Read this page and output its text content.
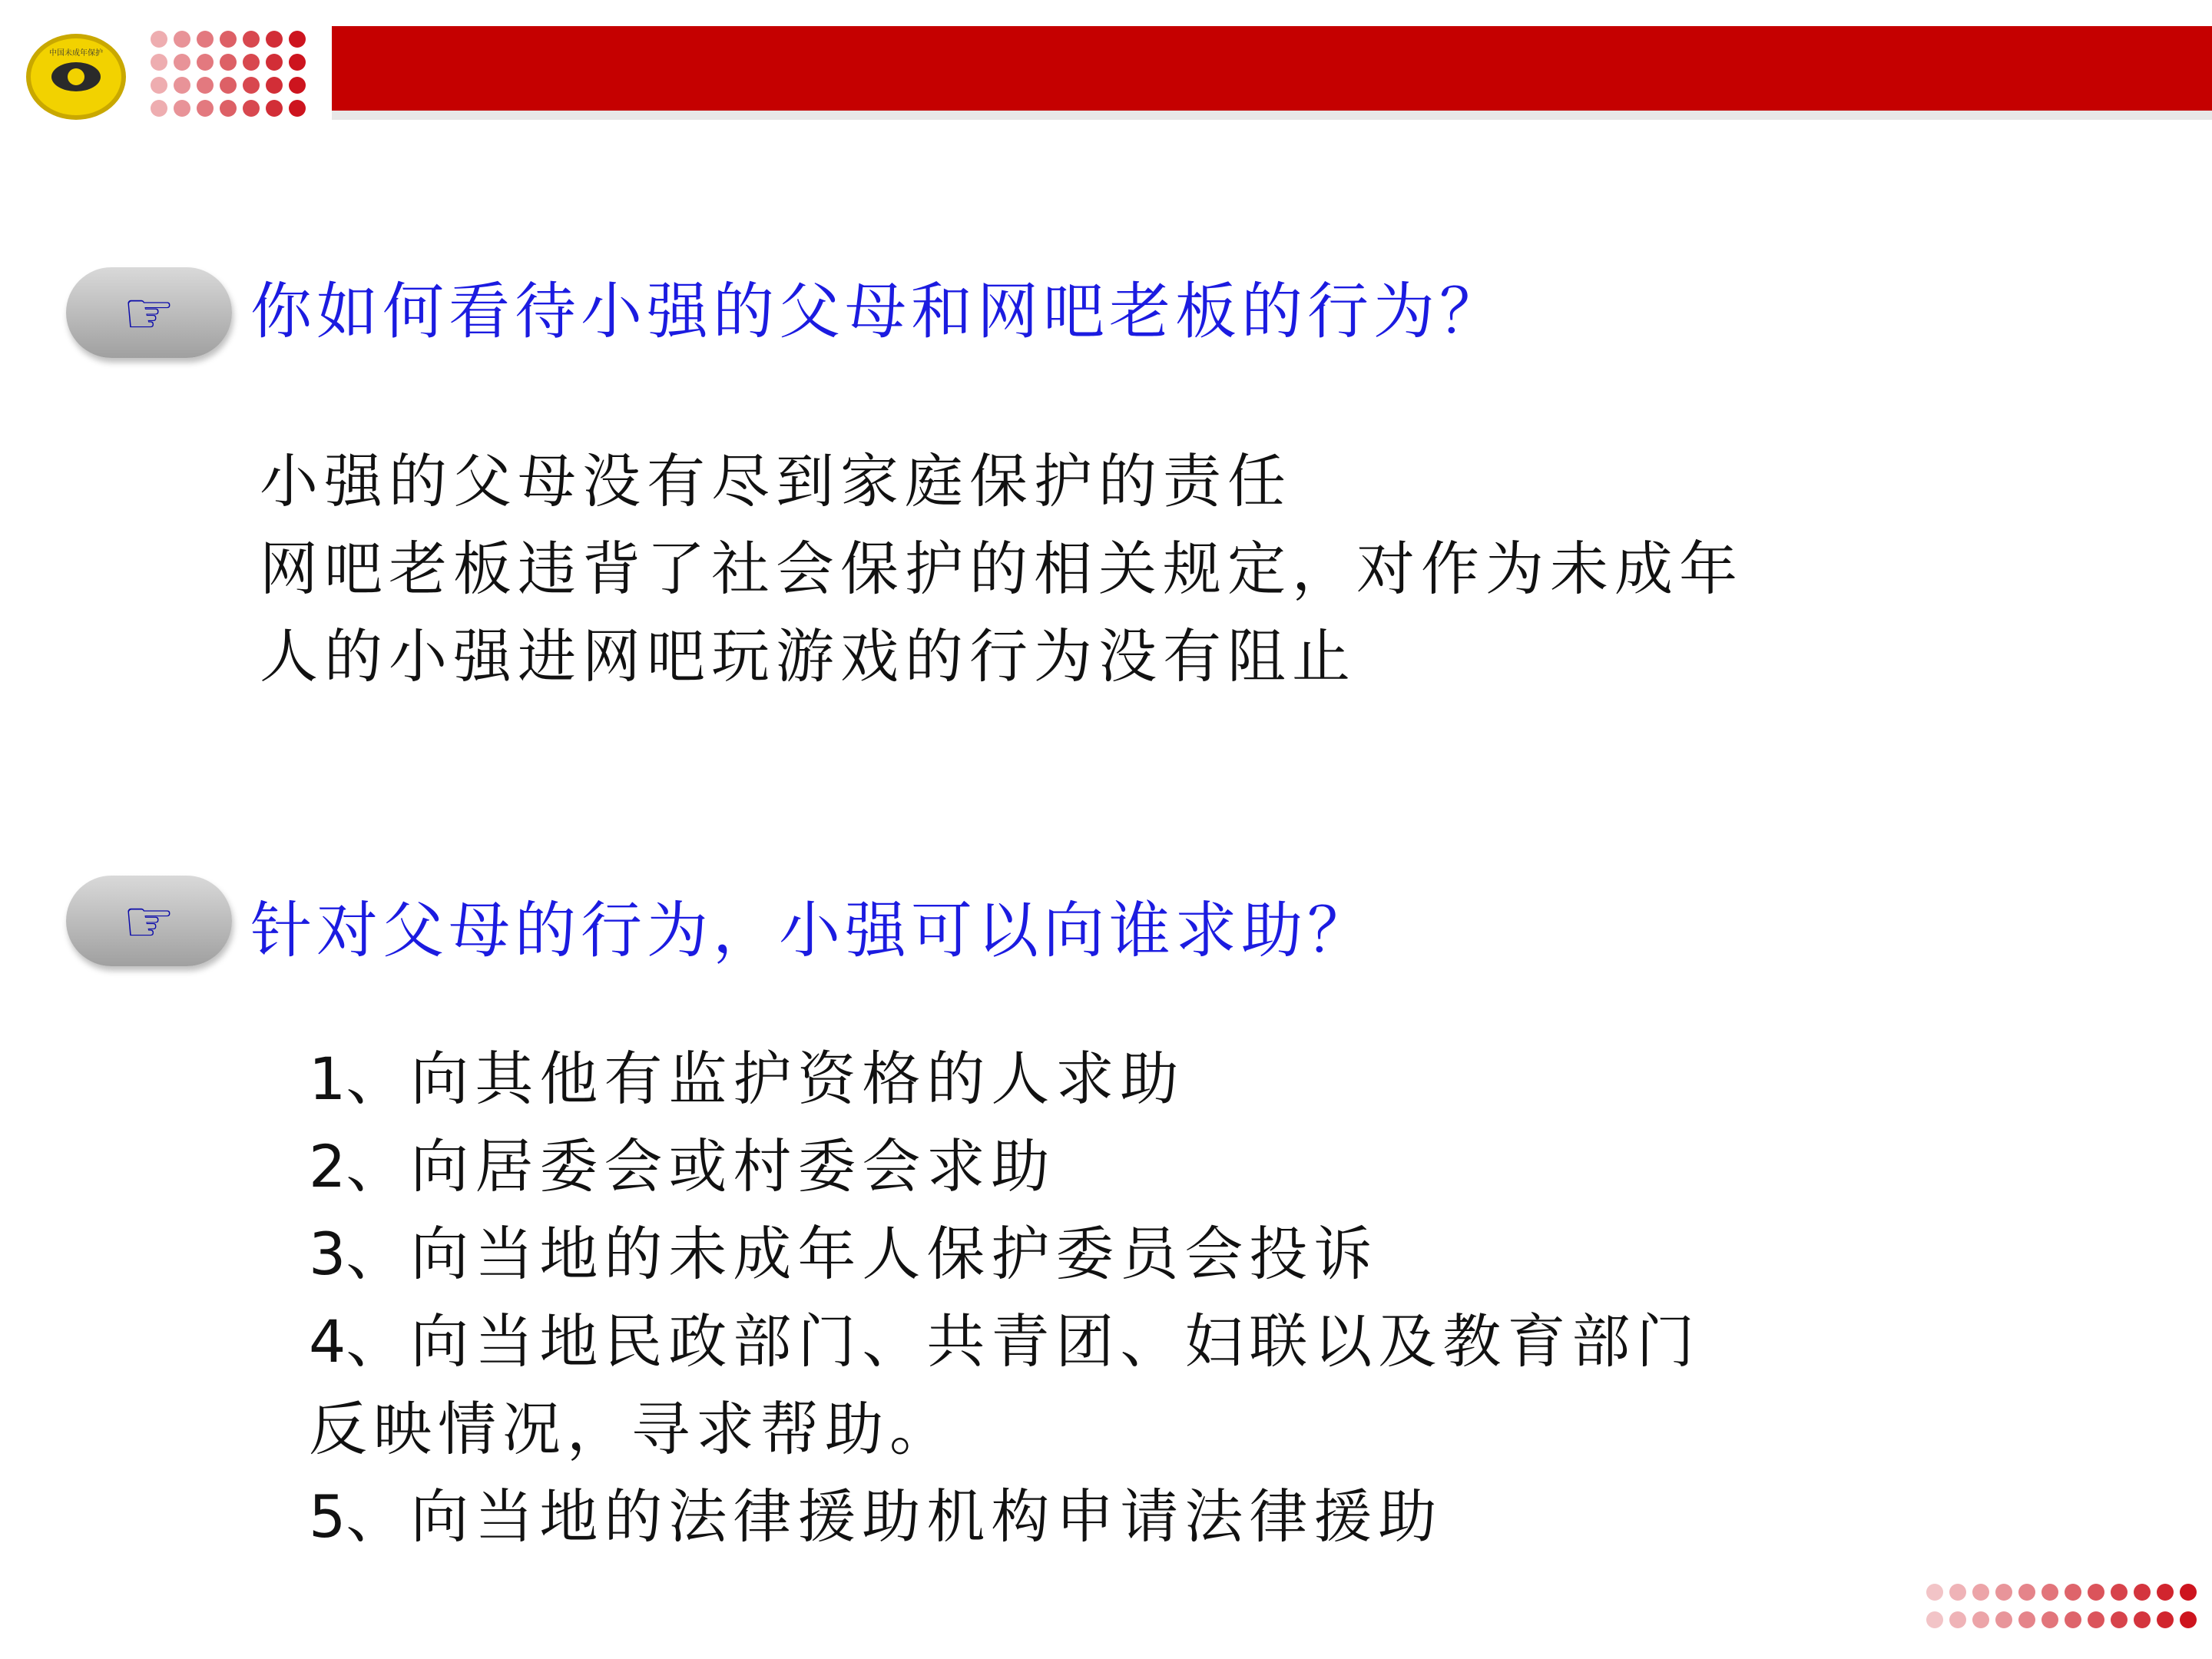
中国未成年保护
☞	你如何看待小强的父母和网吧老板的行为？
小强的父母没有尽到家庭保护的责任
网吧老板违背了社会保护的相关规定，对作为未成年
人的小强进网吧玩游戏的行为没有阻止
☞	针对父母的行为，小强可以向谁求助？
1、向其他有监护资格的人求助
2、向居委会或村委会求助
3、向当地的未成年人保护委员会投诉
4、向当地民政部门、共青团、妇联以及教育部门
反映情况，寻求帮助。
5、向当地的法律援助机构申请法律援助
